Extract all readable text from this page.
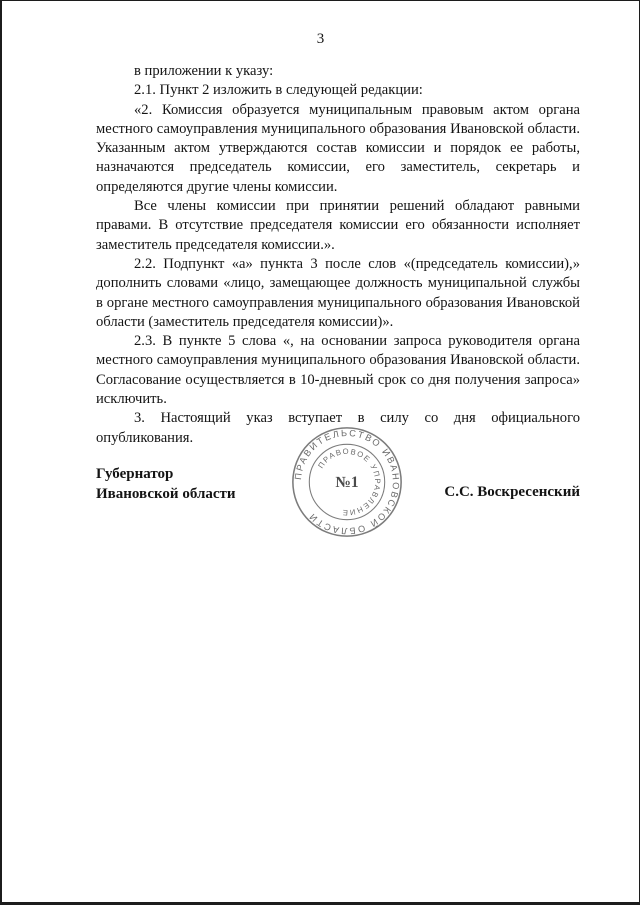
3

в приложении к указу:

2.1. Пункт 2 изложить в следующей редакции:

«2. Комиссия образуется муниципальным правовым актом органа местного самоуправления муниципального образования Ивановской области. Указанным актом утверждаются состав комиссии и порядок ее работы, назначаются председатель комиссии, его заместитель, секретарь и определяются другие члены комиссии.

Все члены комиссии при принятии решений обладают равными правами. В отсутствие председателя комиссии его обязанности исполняет заместитель председателя комиссии.».

2.2. Подпункт «а» пункта 3 после слов «(председатель комиссии),» дополнить словами «лицо, замещающее должность муниципальной службы в органе местного самоуправления муниципального образования Ивановской области (заместитель председателя комиссии)».

2.3. В пункте 5 слова «, на основании запроса руководителя органа местного самоуправления муниципального образования Ивановской области. Согласование осуществляется в 10-дневный срок со дня получения запроса» исключить.

3. Настоящий указ вступает в силу со дня официального опубликования.

ПРАВИТЕЛЬСТВО ИВАНОВСКОЙ ОБЛАСТИ
ПРАВОВОЕ УПРАВЛЕНИЕ
№1
Губернатор
Ивановской области	С.С. Воскресенский
